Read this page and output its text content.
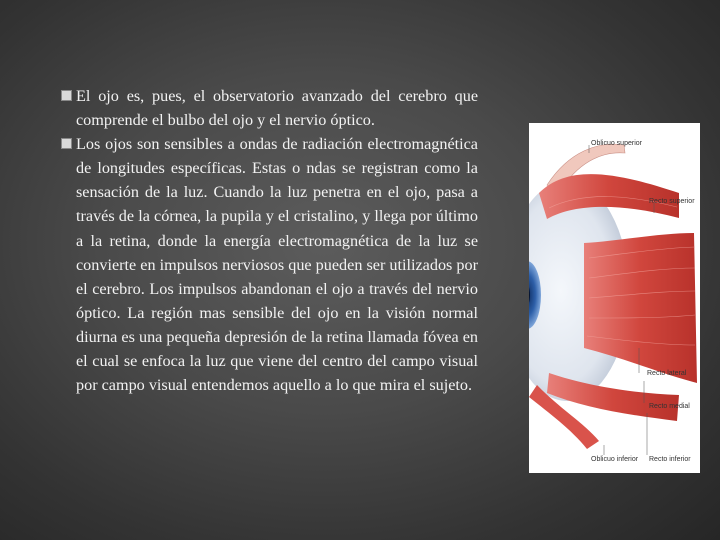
El ojo es, pues, el observatorio avanzado del cerebro que comprende el bulbo del ojo y el nervio óptico.
Los ojos son sensibles a ondas de radiación electromagnética de longitudes específicas. Estas o ndas se registran como la sensación de la luz. Cuando la luz penetra en el ojo, pasa a través de la córnea, la pupila y el cristalino, y llega por último a la retina, donde la energía electromagnética de la luz se convierte en impulsos nerviosos que pueden ser utilizados por el cerebro. Los impulsos abandonan el ojo a través del nervio óptico. La región mas sensible del ojo en la visión normal diurna es una pequeña depresión de la retina llamada fóvea en el cual se enfoca la luz que viene del centro del campo visual por campo visual entendemos aquello a lo que mira el sujeto.
Oblicuo superior
Recto superior
Recto lateral
Recto medial
Oblicuo inferior Recto inferior
